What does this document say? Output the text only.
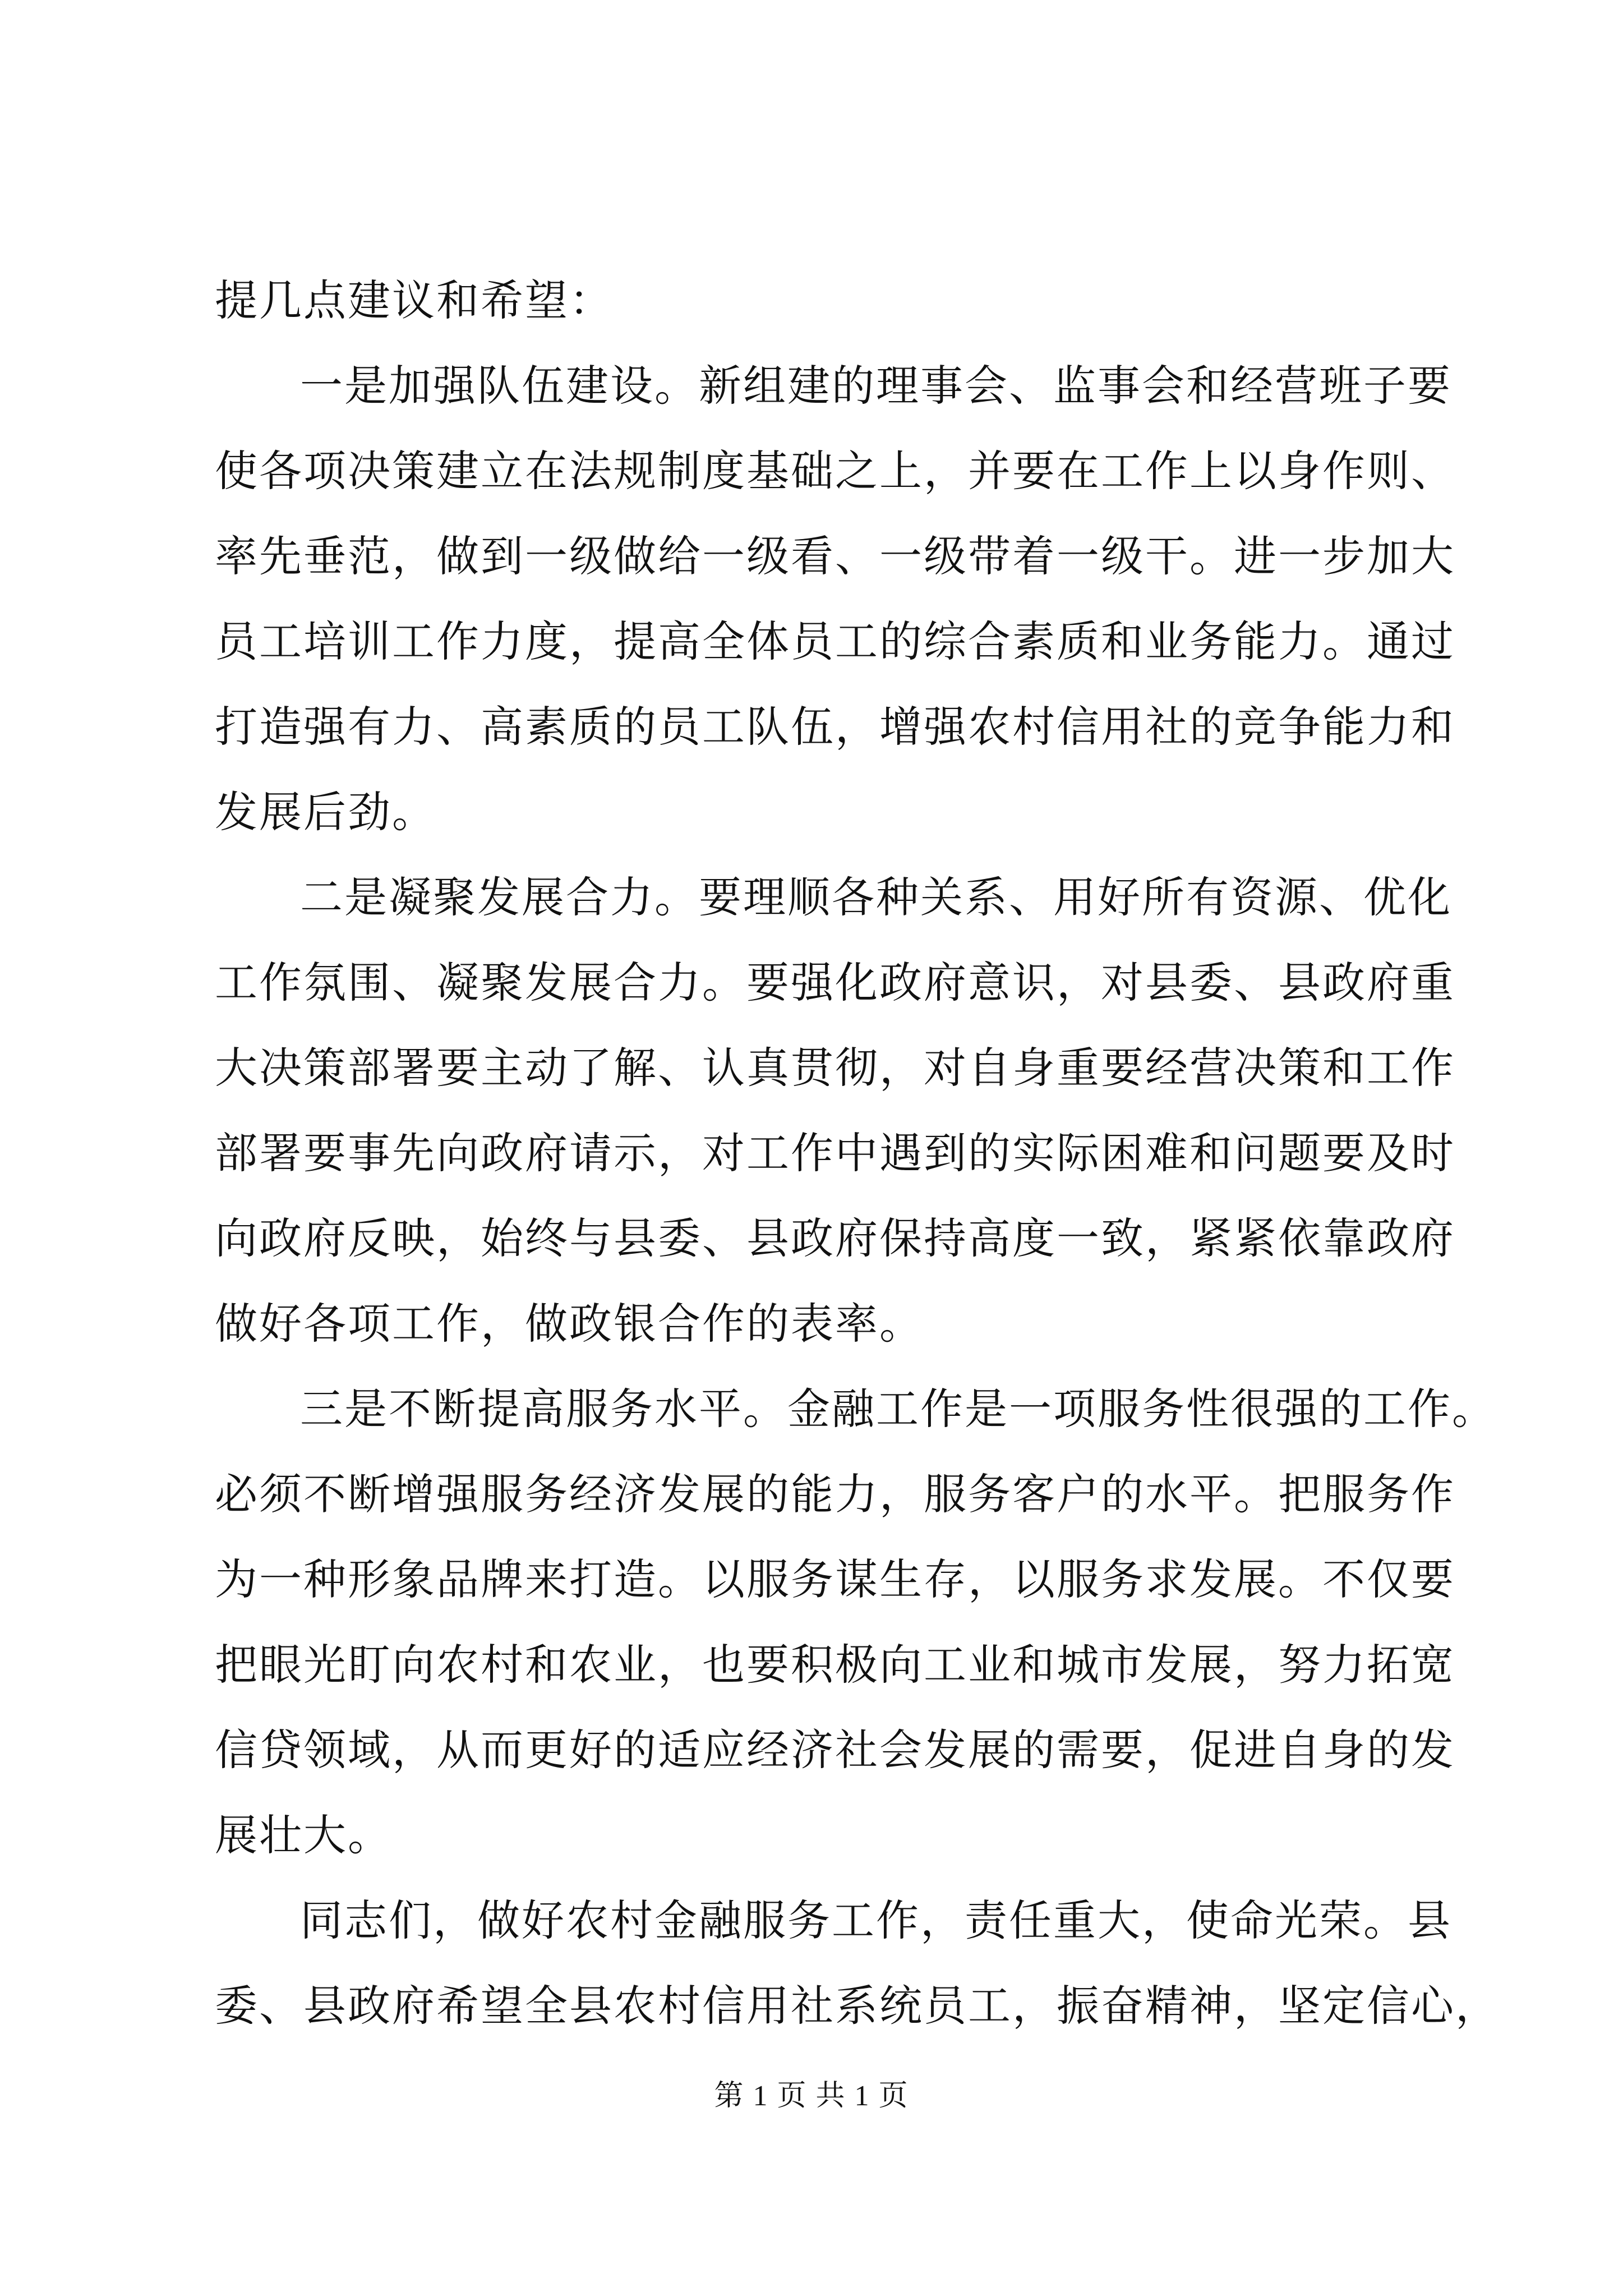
提几点建议和希望：
一是加强队伍建设。新组建的理事会、监事会和经营班子要
使各项决策建立在法规制度基础之上，并要在工作上以身作则、
率先垂范，做到一级做给一级看、一级带着一级干。进一步加大
员工培训工作力度，提高全体员工的综合素质和业务能力。通过
打造强有力、高素质的员工队伍，增强农村信用社的竞争能力和
发展后劲。
二是凝聚发展合力。要理顺各种关系、用好所有资源、优化
工作氛围、凝聚发展合力。要强化政府意识，对县委、县政府重
大决策部署要主动了解、认真贯彻，对自身重要经营决策和工作
部署要事先向政府请示，对工作中遇到的实际困难和问题要及时
向政府反映，始终与县委、县政府保持高度一致，紧紧依靠政府
做好各项工作，做政银合作的表率。
三是不断提高服务水平。金融工作是一项服务性很强的工作。
必须不断增强服务经济发展的能力，服务客户的水平。把服务作
为一种形象品牌来打造。以服务谋生存，以服务求发展。不仅要
把眼光盯向农村和农业，也要积极向工业和城市发展，努力拓宽
信贷领域，从而更好的适应经济社会发展的需要，促进自身的发
展壮大。
同志们，做好农村金融服务工作，责任重大，使命光荣。县
委、县政府希望全县农村信用社系统员工，振奋精神，坚定信心，
第 1 页 共 1 页
